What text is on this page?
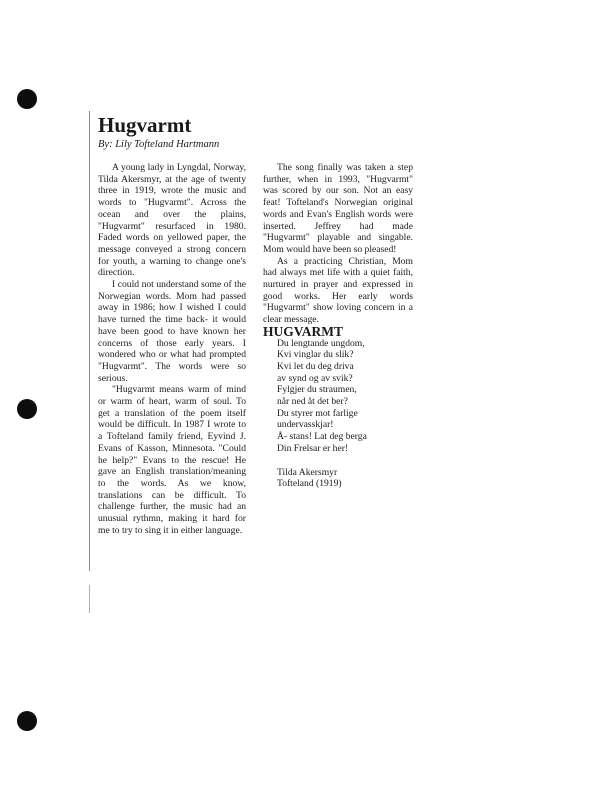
Hugvarmt

By: Lily Tofteland Hartmann

A young lady in Lyngdal, Norway, Tilda Akersmyr, at the age of twenty three in 1919, wrote the music and words to "Hugvarmt". Across the ocean and over the plains, "Hugvarmt" resurfaced in 1980. Faded words on yellowed paper, the message conveyed a strong concern for youth, a warning to change one's direction.

I could not understand some of the Norwegian words. Mom had passed away in 1986; how I wished I could have turned the time back- it would have been good to have known her concerns of those early years. I wondered who or what had prompted "Hugvarmt". The words were so serious.

"Hugvarmt means warm of mind or warm of heart, warm of soul. To get a translation of the poem itself would be difficult. In 1987 I wrote to a Tofteland family friend, Eyvind J. Evans of Kasson, Minnesota. "Could he help?" Evans to the rescue! He gave an English translation/meaning to the words. As we know, translations can be difficult. To challenge further, the music had an unusual rythmn, making it hard for me to try to sing it in either language.

The song finally was taken a step further, when in 1993, "Hugvarmt" was scored by our son. Not an easy feat! Tofteland's Norwegian original words and Evan's English words were inserted. Jeffrey had made "Hugvarmt" playable and singable. Mom would have been so pleased!

As a practicing Christian, Mom had always met life with a quiet faith, nurtured in prayer and expressed in good works. Her early words "Hugvarmt" show loving concern in a clear message.

HUGVARMT

Du lengtande ungdom,
Kvi vinglar du slik?
Kvi let du deg driva
av synd og av svik?
Fylgjer du straumen,
når ned åt det ber?
Du styrer mot farlige
undervasskjar!
Å- stans! Lat deg berga
Din Frelsar er her!
Tilda Akersmyr
Tofteland (1919)
